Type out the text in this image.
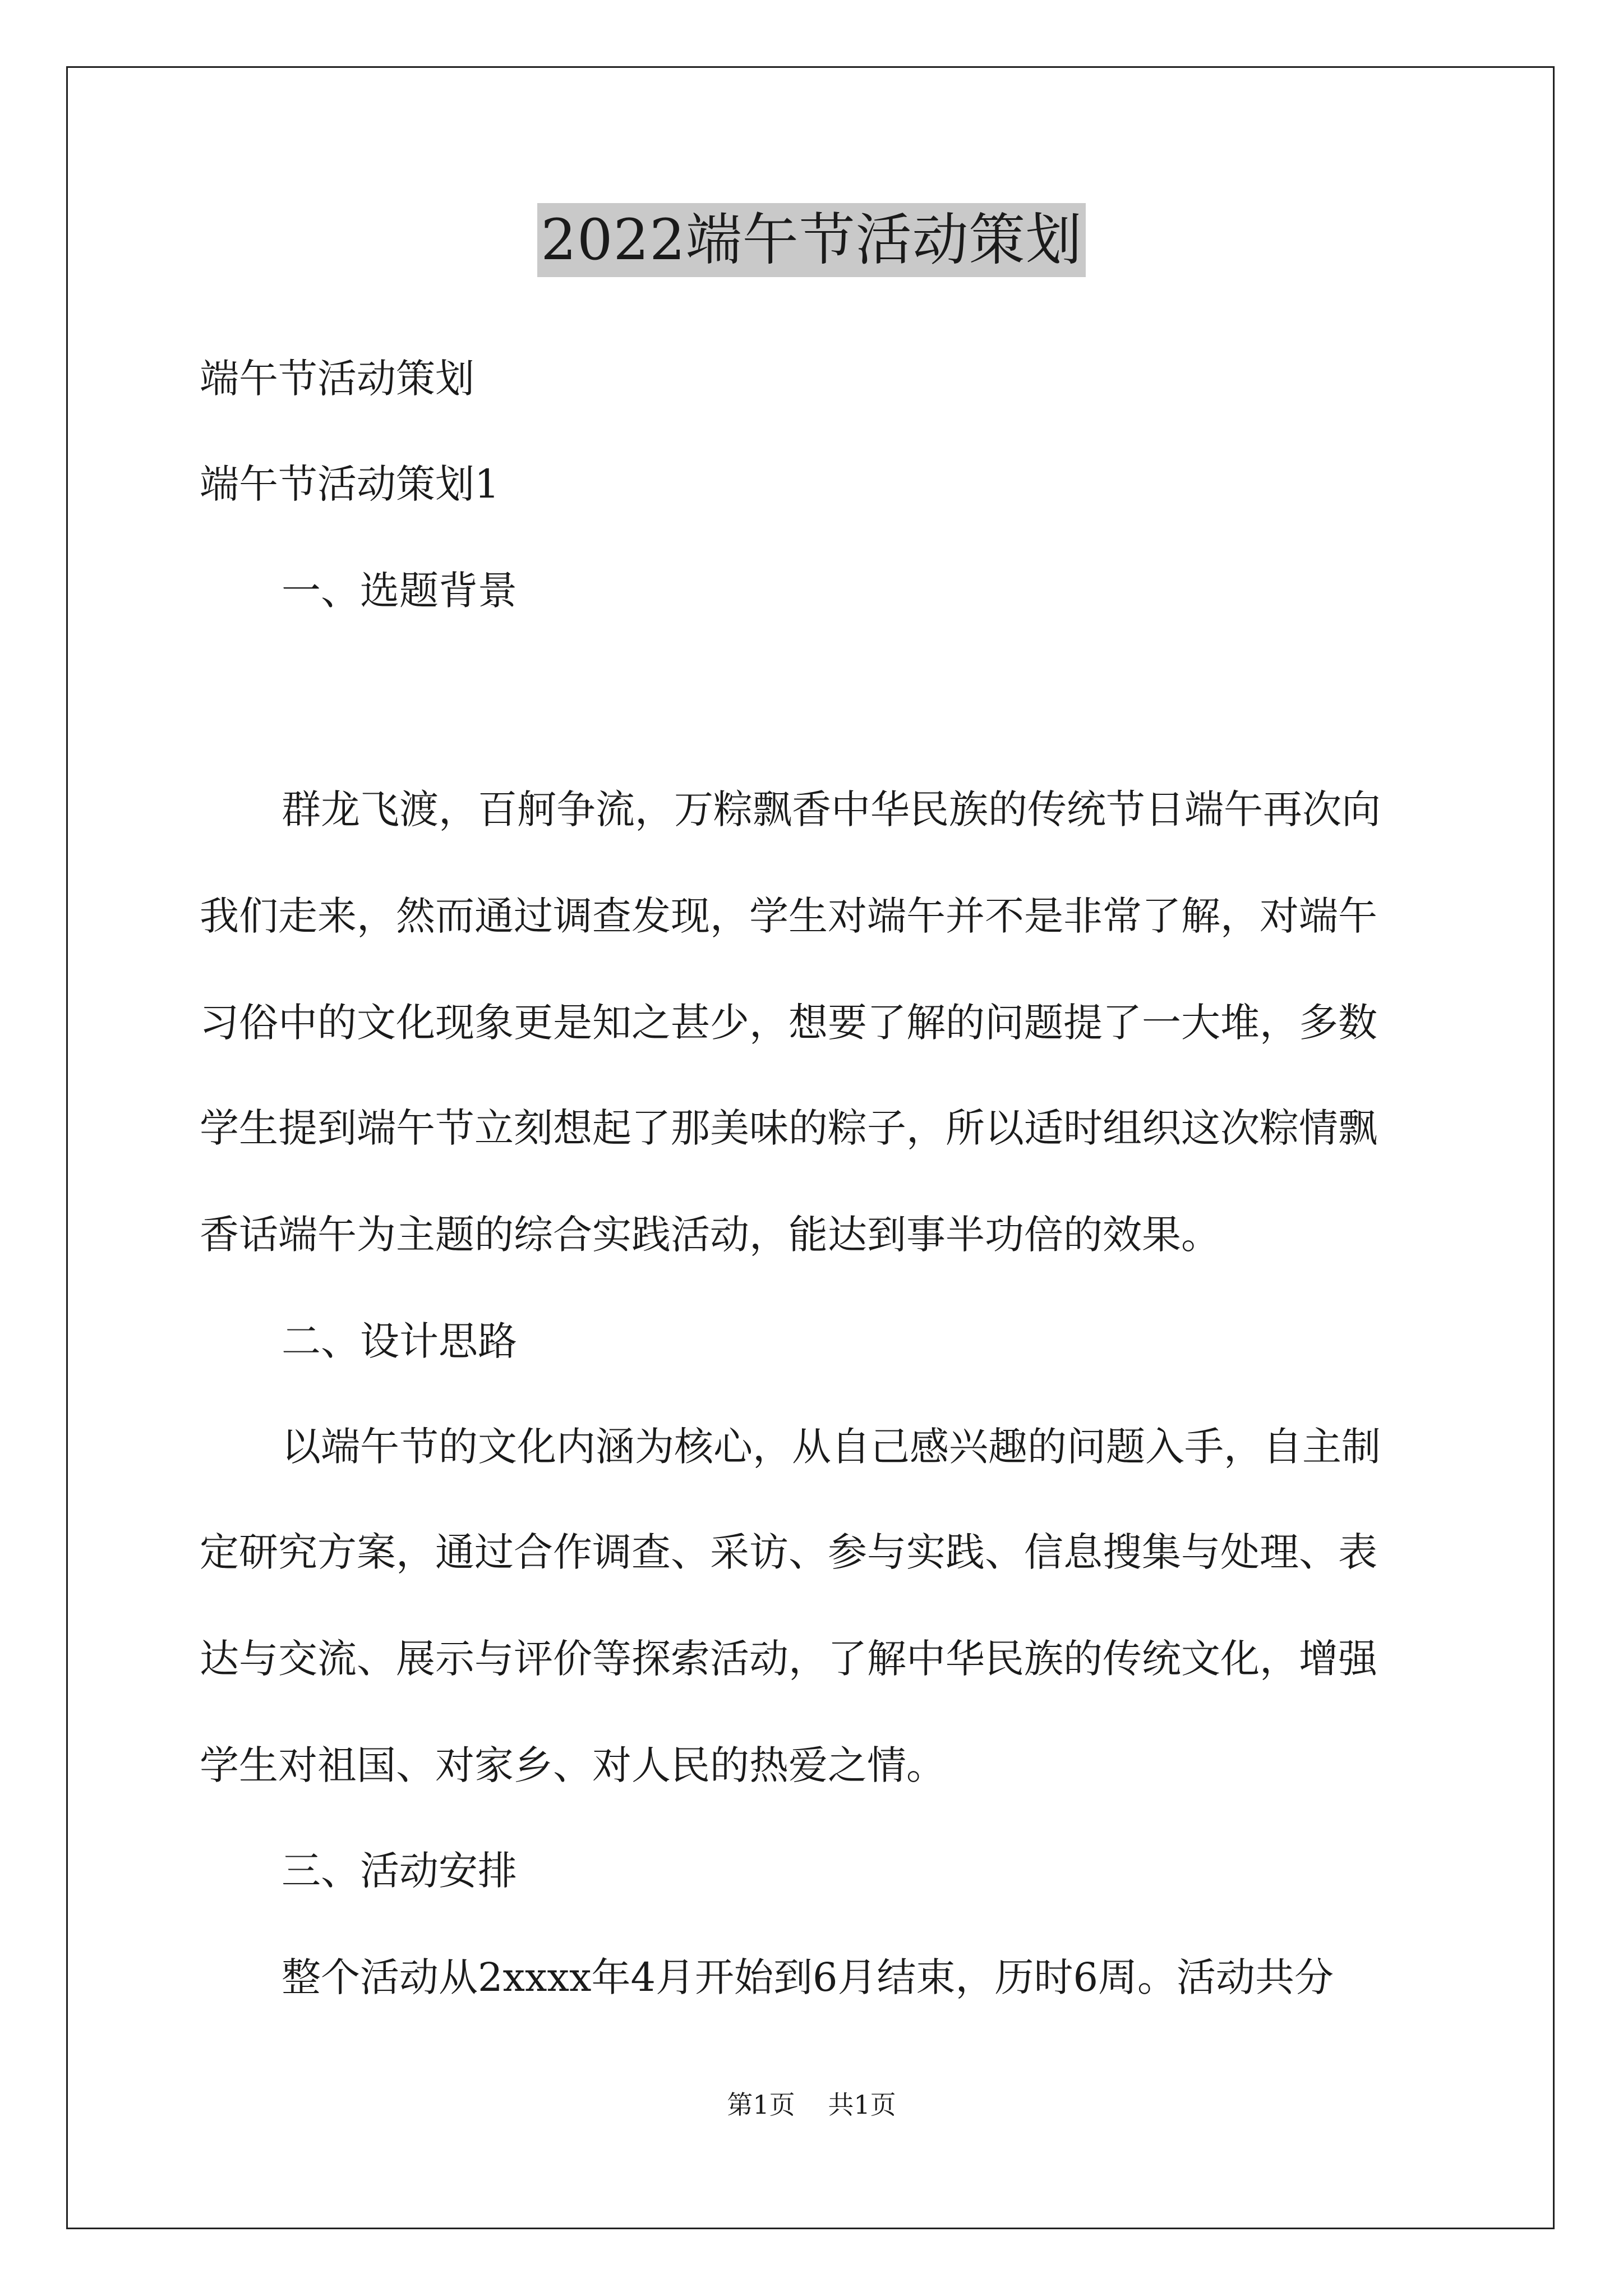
2022端午节活动策划
端午节活动策划
端午节活动策划1
一、选题背景
群龙飞渡，百舸争流，万粽飘香中华民族的传统节日端午再次向
我们走来，然而通过调查发现，学生对端午并不是非常了解，对端午
习俗中的文化现象更是知之甚少，想要了解的问题提了一大堆，多数
学生提到端午节立刻想起了那美味的粽子，所以适时组织这次粽情飘
香话端午为主题的综合实践活动，能达到事半功倍的效果。
二、设计思路
以端午节的文化内涵为核心，从自己感兴趣的问题入手，自主制
定研究方案，通过合作调查、采访、参与实践、信息搜集与处理、表
达与交流、展示与评价等探索活动，了解中华民族的传统文化，增强
学生对祖国、对家乡、对人民的热爱之情。
三、活动安排
整个活动从2xxxx年4月开始到6月结束，历时6周。活动共分
第1页 共1页
